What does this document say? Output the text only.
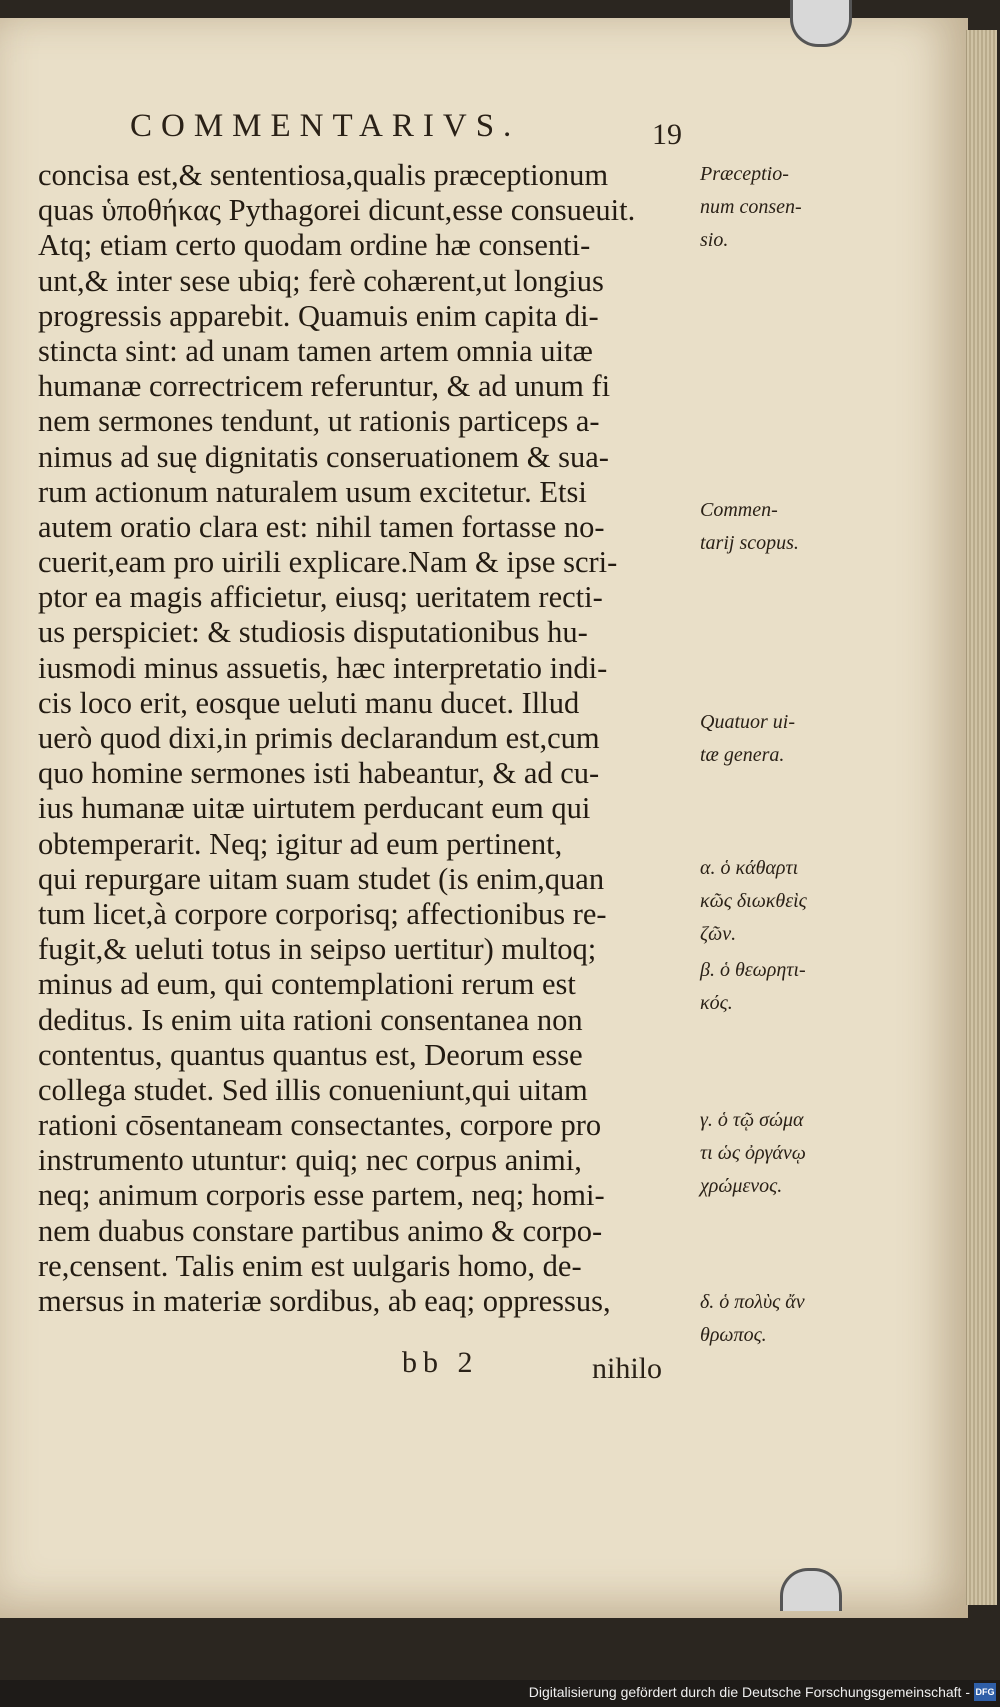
COMMENTARIVS.	19
concisa est,& sententiosa,qualis præceptionum
quas ὑποθήκας Pythagorei dicunt,esse consueuit.
Atq; etiam certo quodam ordine hæ consenti-
unt,& inter sese ubiq; ferè cohærent,ut longius
progressis apparebit. Quamuis enim capita di-
stincta sint: ad unam tamen artem omnia uitæ
humanæ correctricem referuntur, & ad unum fi
nem sermones tendunt, ut rationis particeps a-
nimus ad suę dignitatis conseruationem & sua-
rum actionum naturalem usum excitetur. Etsi
autem oratio clara est: nihil tamen fortasse no-
cuerit,eam pro uirili explicare.Nam & ipse scri-
ptor ea magis afficietur, eiusq; ueritatem recti-
us perspiciet: & studiosis disputationibus hu-
iusmodi minus assuetis, hæc interpretatio indi-
cis loco erit, eosque ueluti manu ducet. Illud
uerò quod dixi,in primis declarandum est,cum
quo homine sermones isti habeantur, & ad cu-
ius humanæ uitæ uirtutem perducant eum qui
obtemperarit. Neq; igitur ad eum pertinent,
qui repurgare uitam suam studet (is enim,quan
tum licet,à corpore corporisq; affectionibus re-
fugit,& ueluti totus in seipso uertitur) multoq;
minus ad eum, qui contemplationi rerum est
deditus. Is enim uita rationi consentanea non
contentus, quantus quantus est, Deorum esse
collega studet. Sed illis conueniunt,qui uitam
rationi cōsentaneam consectantes, corpore pro
instrumento utuntur: quiq; nec corpus animi,
neq; animum corporis esse partem, neq; homi-
nem duabus constare partibus animo & corpo-
re,censent. Talis enim est uulgaris homo, de-
mersus in materiæ sordibus, ab eaq; oppressus,
Præceptio-
num consen-
sio.
Commen-
tarij scopus.
Quatuor ui-
tæ genera.
α. ὁ κάθαρτι
κῶς διωκθεὶς
ζῶν.
β. ὁ θεωρητι-
κός.
γ. ὁ τῷ σώμα
τι ὡς ὀργάνῳ
χρώμενος.
δ. ὁ πολὺς ἄν
θρωπος.
bb 2	nihilo
Digitalisierung gefördert durch die Deutsche Forschungsgemeinschaft - DFG
